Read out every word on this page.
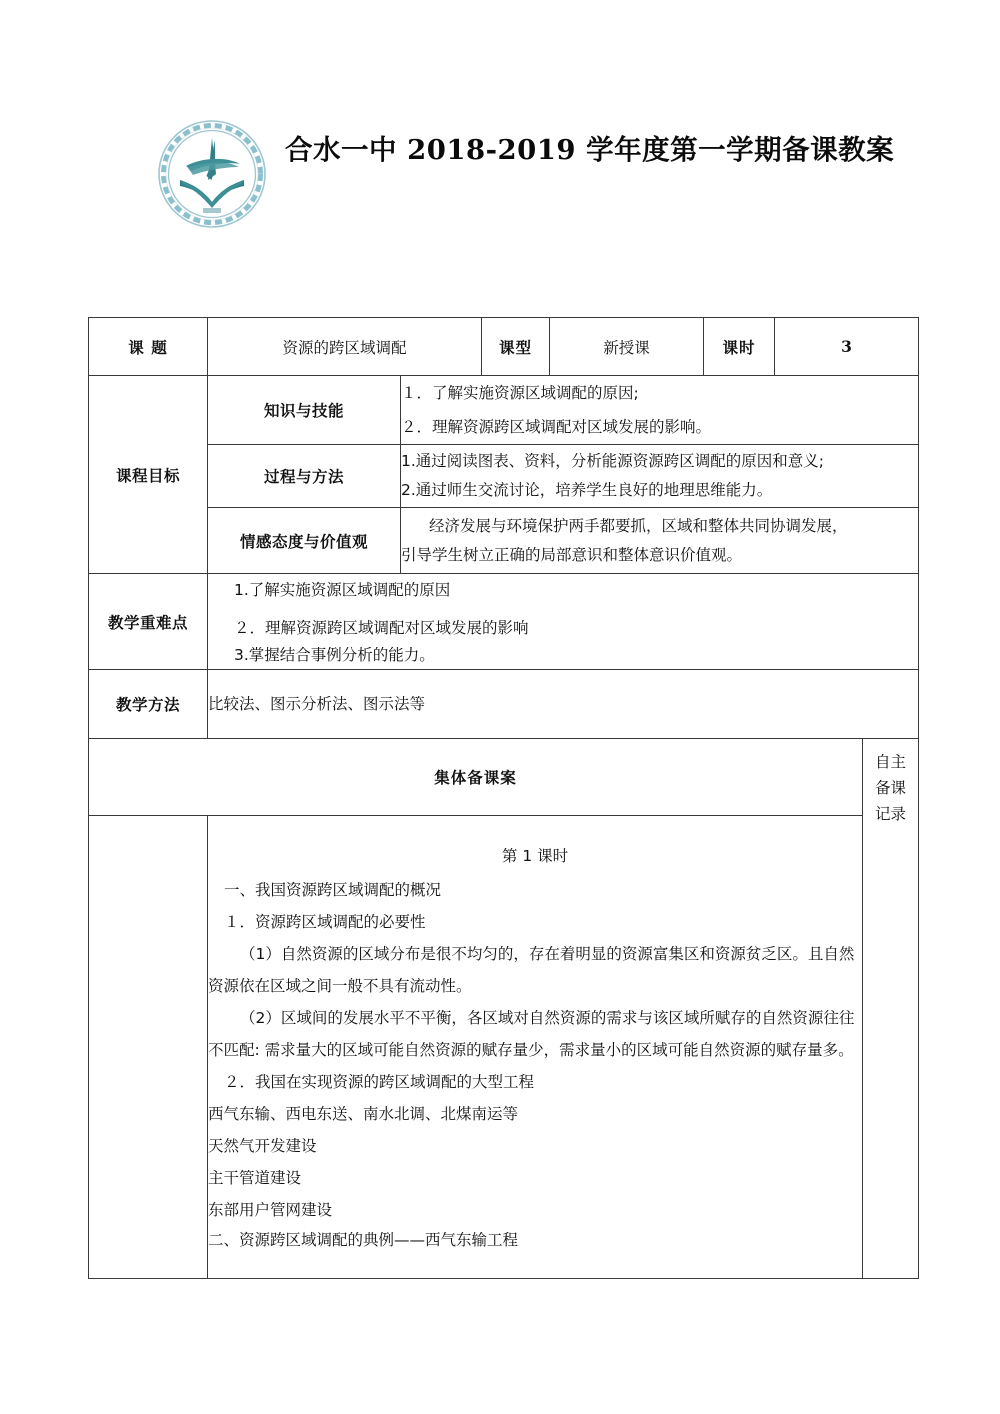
合水一中 2018-2019 学年度第一学期备课教案
课 题	资源的跨区域调配		课型	新授课	课时	3	
课程目标	知识与技能	１．了解实施资源区域调配的原因;
２．理解资源跨区域调配对区域发展的影响。					

	过程与方法	1.通过阅读图表、资料，分析能源资源跨区调配的原因和意义;
2.通过师生交流讨论，培养学生良好的地理思维能力。					

	情感态度与价值观	经济发展与环境保护两手都要抓，区域和整体共同协调发展，
引导学生树立正确的局部意识和整体意识价值观。					

教学重难点	1.了解实施资源区域调配的原因
２．理解资源跨区域调配对区域发展的影响
3.掌握结合事例分析的能力。						

教学方法	比较法、图示分析法、图示法等						
集体备课案							自主
备课
记录

第 1 课时

一、我国资源跨区域调配的概况

１．资源跨区域调配的必要性

（1）自然资源的区域分布是很不均匀的，存在着明显的资源富集区和资源贫乏区。且自然资源依在区域之间一般不具有流动性。

（2）区域间的发展水平不平衡，各区域对自然资源的需求与该区域所赋存的自然资源往往不匹配: 需求量大的区域可能自然资源的赋存量少，需求量小的区域可能自然资源的赋存量多。

２．我国在实现资源的跨区域调配的大型工程

西气东输、西电东送、南水北调、北煤南运等

天然气开发建设

主干管道建设

东部用户管网建设

二、资源跨区域调配的典例——西气东输工程
